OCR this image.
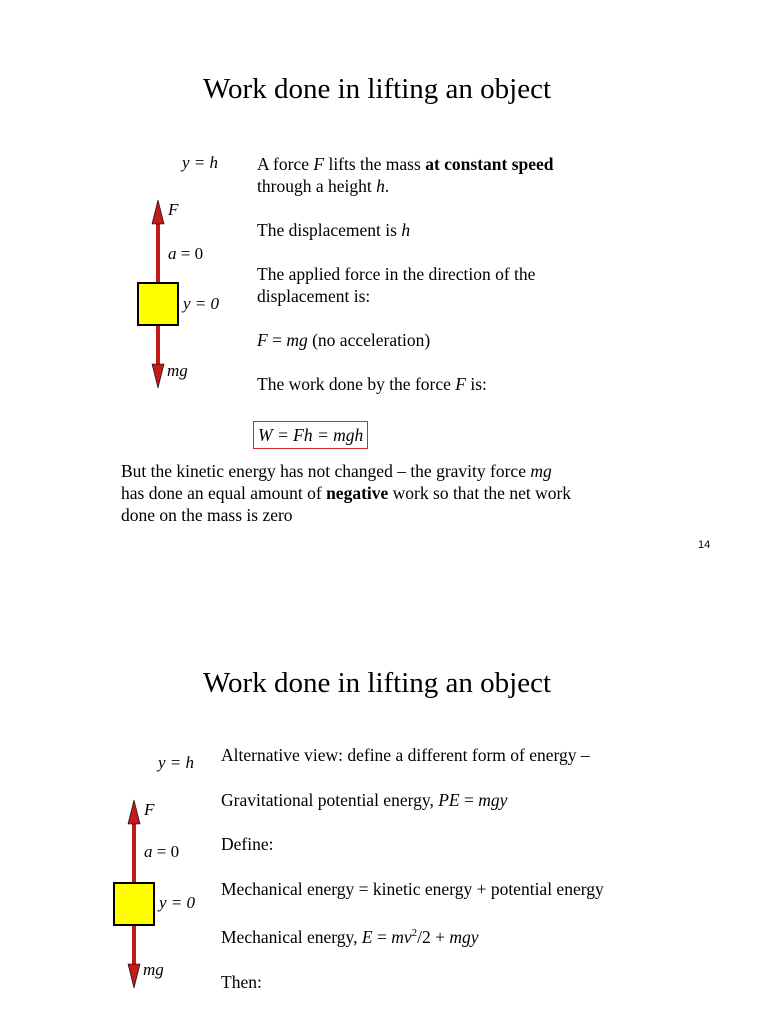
Work done in lifting an object
y = h
F
a = 0
y = 0
mg
A force F lifts the mass at constant speed
through a height h.
The displacement is h
The applied force in the direction of the
displacement is:
F = mg (no acceleration)
The work done by the force F is:
W = Fh = mgh
But the kinetic energy has not changed – the gravity force mg
has done an equal amount of negative work so that the net work
done on the mass is zero
14
Work done in lifting an object
y = h
F
a = 0
y = 0
mg
Alternative view: define a different form of energy –
Gravitational potential energy, PE = mgy
Define:
Mechanical energy = kinetic energy + potential energy
Mechanical energy, $E = mv^2/2$ + mgy
Then:
